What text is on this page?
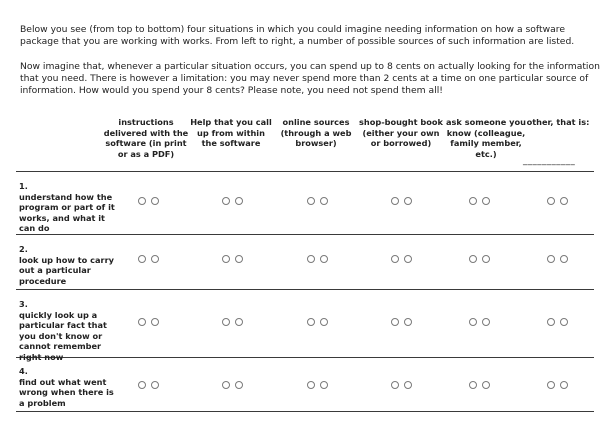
Below you see (from top to bottom) four situations in which you could imagine needing information on how a software package that you are working with works. From left to right, a number of possible sources of such information are listed.

Now imagine that, whenever a particular situation occurs, you can spend up to 8 cents on actually looking for the information that you need. There is however a limitation: you may never spend more than 2 cents at a time on one particular source of information. How would you spend your 8 cents? Please note, you need not spend them all!

instructions delivered with the software (in print or as a PDF)
Help that you call up from within the software
online sources (through a web browser)
shop-bought book (either your own or borrowed)
ask someone you know (colleague, family member, etc.)
other, that is:
___________
1.
understand how the program or part of it works, and what it can do
2.
look up how to carry out a particular procedure
3.
quickly look up a particular fact that you don't know or cannot remember right now
4.
find out what went wrong when there is a problem
